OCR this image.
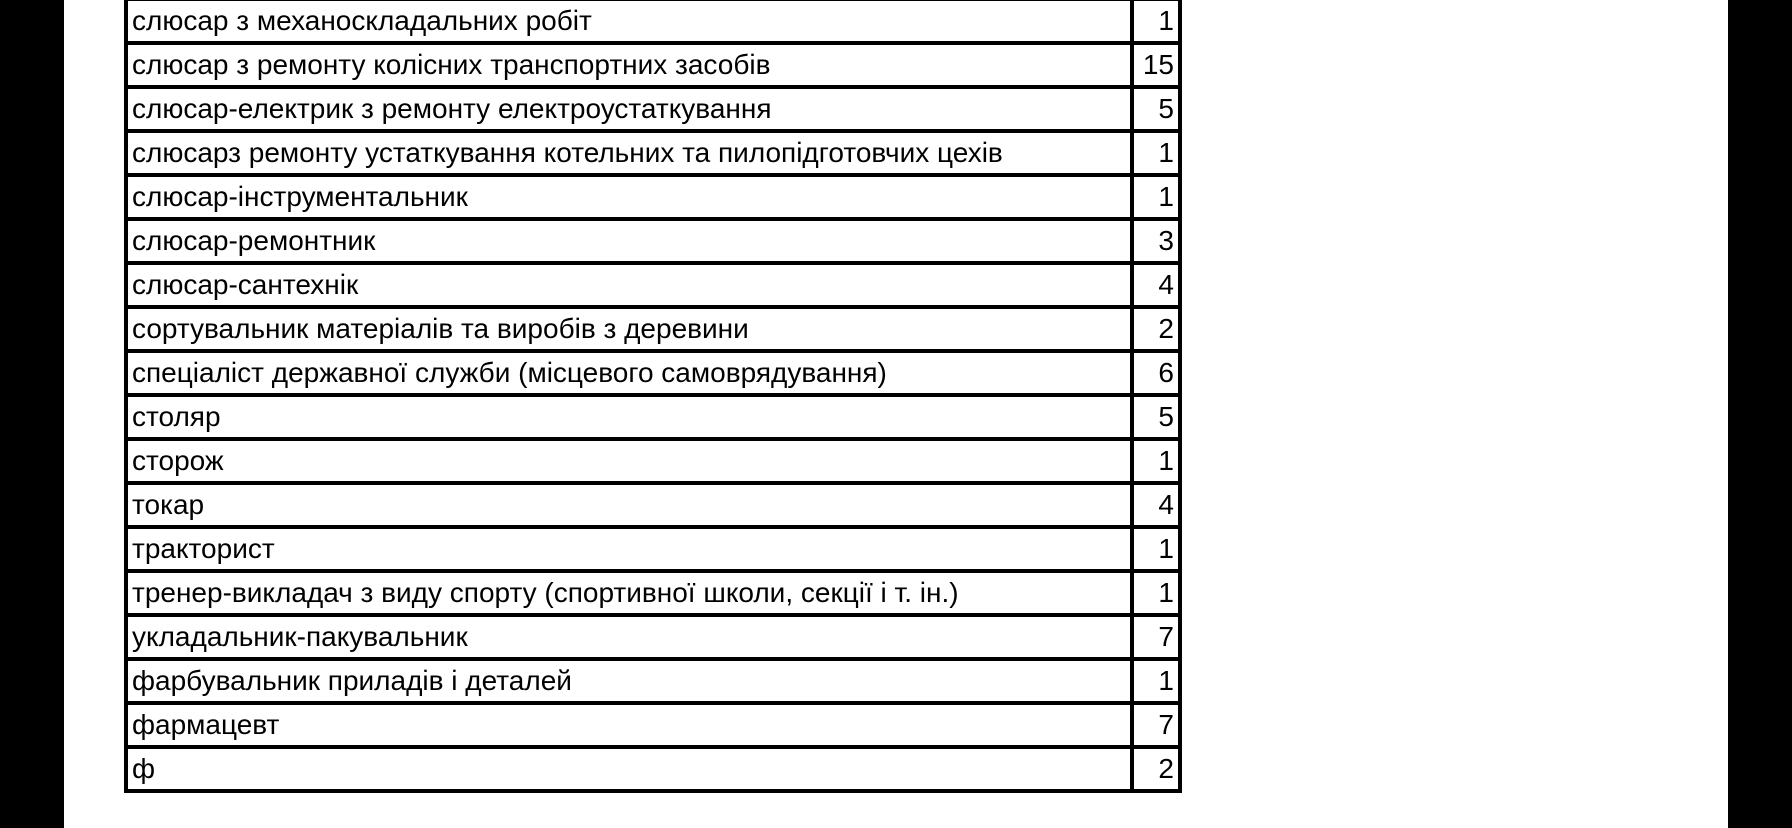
слюсар з механоскладальних робіт	1
слюсар з ремонту колісних транспортних засобів	15
слюсар-електрик з ремонту електроустаткування	5
слюсарз ремонту устаткування котельних та пилопідготовчих цехів	1
слюсар-інструментальник	1
слюсар-ремонтник	3
слюсар-сантехнік	4
сортувальник матеріалів та виробів з деревини	2
спеціаліст державної служби (місцевого самоврядування)	6
столяр	5
сторож	1
токар	4
тракторист	1
тренер-викладач з виду спорту (спортивної школи, секції і т. ін.)	1
укладальник-пакувальник	7
фарбувальник приладів і деталей	1
фармацевт	7
ф	2
